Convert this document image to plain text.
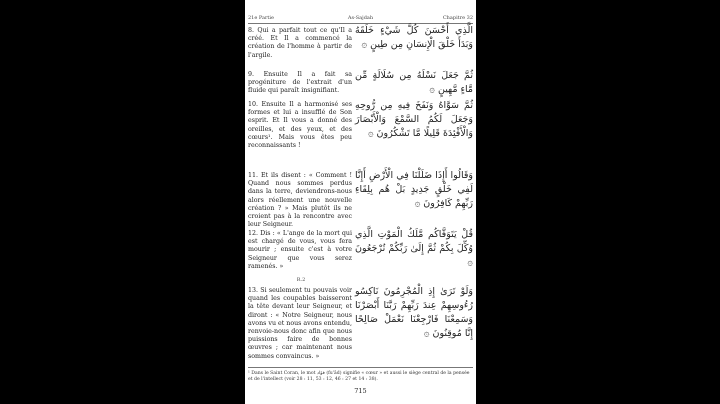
21e Partie	As-Sajdah	Chapitre 32
8. Qui a parfait tout ce qu'Il a créé. Et Il a commencé la création de l'homme à partir de l'argile.
الَّذِي أَحْسَنَ كُلَّ شَيْءٍ خَلَقَهُ وَبَدَأَ خَلْقَ الْإِنسَانِ مِن طِينٍ ۞
9. Ensuite Il a fait sa progéniture de l'extrait d'un fluide qui paraît insignifiant.
ثُمَّ جَعَلَ نَسْلَهُ مِن سُلَالَةٍ مِّن مَّاءٍ مَّهِينٍ ۞
10. Ensuite Il a harmonisé ses formes et lui a insufflé de Son esprit. Et Il vous a donné des oreilles, et des yeux, et des cœurs¹. Mais vous êtes peu reconnaissants !
ثُمَّ سَوَّاهُ وَنَفَخَ فِيهِ مِن رُّوحِهِ وَجَعَلَ لَكُمُ السَّمْعَ وَالْأَبْصَارَ وَالْأَفْئِدَةَ قَلِيلًا مَّا تَشْكُرُونَ ۞
11. Et ils disent : « Comment ! Quand nous sommes perdus dans la terre, deviendrons-nous alors réellement une nouvelle création ? » Mais plutôt ils ne croient pas à la rencontre avec leur Seigneur.
وَقَالُوا أَإِذَا ضَلَلْنَا فِي الْأَرْضِ أَإِنَّا لَفِي خَلْقٍ جَدِيدٍ بَلْ هُم بِلِقَاءِ رَبِّهِمْ كَافِرُونَ ۞
12. Dis : « L'ange de la mort qui est chargé de vous, vous fera mourir ; ensuite c'est à votre Seigneur que vous serez ramenés. »
قُلْ يَتَوَفَّاكُم مَّلَكُ الْمَوْتِ الَّذِي وُكِّلَ بِكُمْ ثُمَّ إِلَىٰ رَبِّكُمْ تُرْجَعُونَ ۞
R.2
13. Si seulement tu pouvais voir quand les coupables baisseront la tête devant leur Seigneur, et diront : « Notre Seigneur, nous avons vu et nous avons entendu, renvoie-nous donc afin que nous puissions faire de bonnes œuvres ; car maintenant nous sommes convaincus. »
وَلَوْ تَرَىٰ إِذِ الْمُجْرِمُونَ نَاكِسُو رُءُوسِهِمْ عِندَ رَبِّهِمْ رَبَّنَا أَبْصَرْنَا وَسَمِعْنَا فَارْجِعْنَا نَعْمَلْ صَالِحًا إِنَّا مُوقِنُونَ ۞
¹ Dans le Saint Coran, le mot فؤاد (fu'âd) signifie « cœur » et aussi le siège central de la pensée et de l'intellect (voir 28 : 11, 53 : 12, 46 : 27 et 14 : 38).
715
